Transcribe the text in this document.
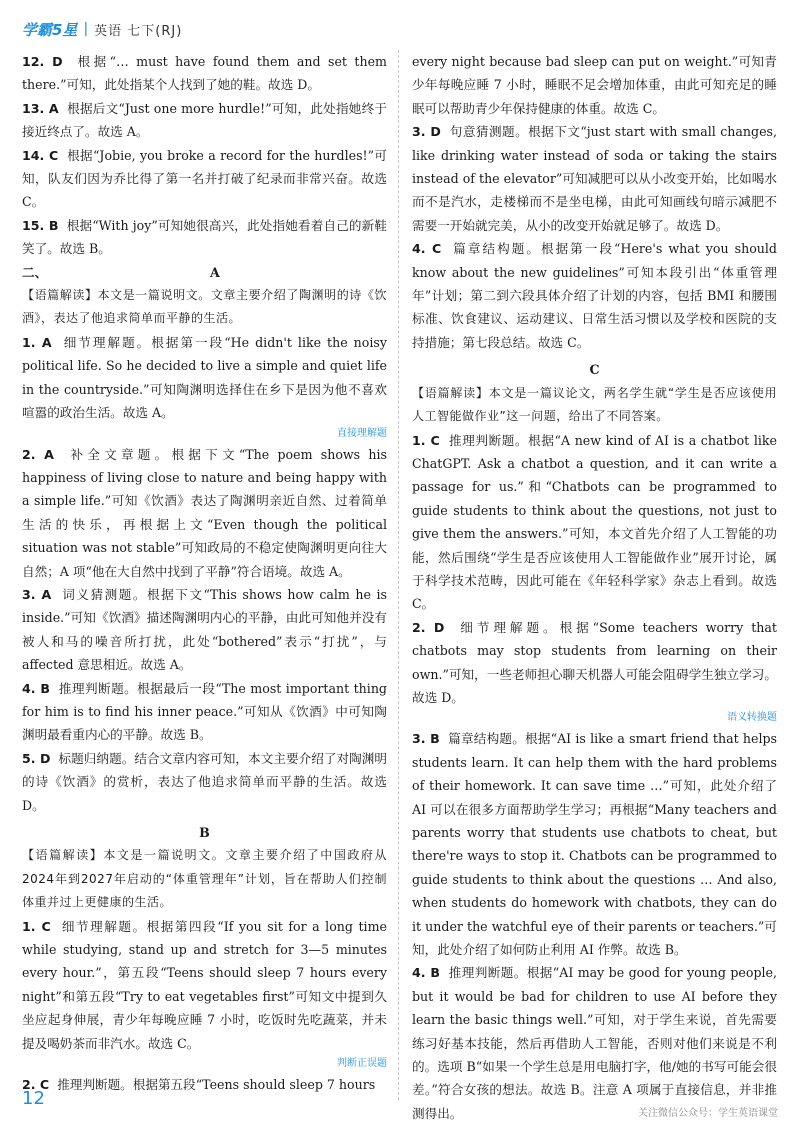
学霸5星 | 英语 七下(RJ)

12. D 根据“… must have found them and set them there.”可知，此处指某个人找到了她的鞋。故选 D。

13. A 根据后文“Just one more hurdle!”可知，此处指她终于接近终点了。故选 A。

14. C 根据“Jobie, you broke a record for the hurdles!”可知，队友们因为乔比得了第一名并打破了纪录而非常兴奋。故选 C。

15. B 根据“With joy”可知她很高兴，此处指她看着自己的新鞋笑了。故选 B。

二、	A

【语篇解读】本文是一篇说明文。文章主要介绍了陶渊明的诗《饮酒》，表达了他追求简单而平静的生活。

1. A 细节理解题。根据第一段“He didn't like the noisy political life. So he decided to live a simple and quiet life in the countryside.”可知陶渊明选择住在乡下是因为他不喜欢喧嚣的政治生活。故选 A。

直接理解题

2. A 补全文章题。根据下文“The poem shows his happiness of living close to nature and being happy with a simple life.”可知《饮酒》表达了陶渊明亲近自然、过着简单生活的快乐，再根据上文“Even though the political situation was not stable”可知政局的不稳定使陶渊明更向往大自然；A 项“他在大自然中找到了平静”符合语境。故选 A。

3. A 词义猜测题。根据下文“This shows how calm he is inside.”可知《饮酒》描述陶渊明内心的平静，由此可知他并没有被人和马的噪音所打扰，此处“bothered”表示“打扰”，与 affected 意思相近。故选 A。

4. B 推理判断题。根据最后一段“The most important thing for him is to find his inner peace.”可知从《饮酒》中可知陶渊明最看重内心的平静。故选 B。

5. D 标题归纳题。结合文章内容可知，本文主要介绍了对陶渊明的诗《饮酒》的赏析，表达了他追求简单而平静的生活。故选 D。

B

【语篇解读】本文是一篇说明文。文章主要介绍了中国政府从2024年到2027年启动的“体重管理年”计划，旨在帮助人们控制体重并过上更健康的生活。

1. C 细节理解题。根据第四段“If you sit for a long time while studying, stand up and stretch for 3—5 minutes every hour.”，第五段“Teens should sleep 7 hours every night”和第五段“Try to eat vegetables first”可知文中提到久坐应起身伸展，青少年每晚应睡 7 小时，吃饭时先吃蔬菜，并未提及喝奶茶而非汽水。故选 C。

判断正误题

2. C 推理判断题。根据第五段“Teens should sleep 7 hours

every night because bad sleep can put on weight.”可知青少年每晚应睡 7 小时，睡眠不足会增加体重，由此可知充足的睡眠可以帮助青少年保持健康的体重。故选 C。

3. D 句意猜测题。根据下文“just start with small changes, like drinking water instead of soda or taking the stairs instead of the elevator”可知减肥可以从小改变开始，比如喝水而不是汽水，走楼梯而不是坐电梯，由此可知画线句暗示减肥不需要一开始就完美，从小的改变开始就足够了。故选 D。

4. C 篇章结构题。根据第一段“Here's what you should know about the new guidelines”可知本段引出“体重管理年”计划；第二到六段具体介绍了计划的内容，包括 BMI 和腰围标准、饮食建议、运动建议、日常生活习惯以及学校和医院的支持措施；第七段总结。故选 C。

C

【语篇解读】本文是一篇议论文，两名学生就“学生是否应该使用人工智能做作业”这一问题，给出了不同答案。

1. C 推理判断题。根据“A new kind of AI is a chatbot like ChatGPT. Ask a chatbot a question, and it can write a passage for us.”和“Chatbots can be programmed to guide students to think about the questions, not just to give them the answers.”可知，本文首先介绍了人工智能的功能，然后围绕“学生是否应该使用人工智能做作业”展开讨论，属于科学技术范畴，因此可能在《年轻科学家》杂志上看到。故选 C。

2. D 细节理解题。根据“Some teachers worry that chatbots may stop students from learning on their own.”可知，一些老师担心聊天机器人可能会阻碍学生独立学习。故选 D。

语义转换题

3. B 篇章结构题。根据“AI is like a smart friend that helps students learn. It can help them with the hard problems of their homework. It can save time …”可知，此处介绍了 AI 可以在很多方面帮助学生学习；再根据“Many teachers and parents worry that students use chatbots to cheat, but there're ways to stop it. Chatbots can be programmed to guide students to think about the questions … And also, when students do homework with chatbots, they can do it under the watchful eye of their parents or teachers.”可知，此处介绍了如何防止利用 AI 作弊。故选 B。

4. B 推理判断题。根据“AI may be good for young people, but it would be bad for children to use AI before they learn the basic things well.”可知，对于学生来说，首先需要练习好基本技能，然后再借助人工智能，否则对他们来说是不利的。选项 B“如果一个学生总是用电脑打字，他/她的书写可能会很差。”符合女孩的想法。故选 B。注意 A 项属于直接信息，并非推测得出。

12
关注微信公众号：学生英语课堂
